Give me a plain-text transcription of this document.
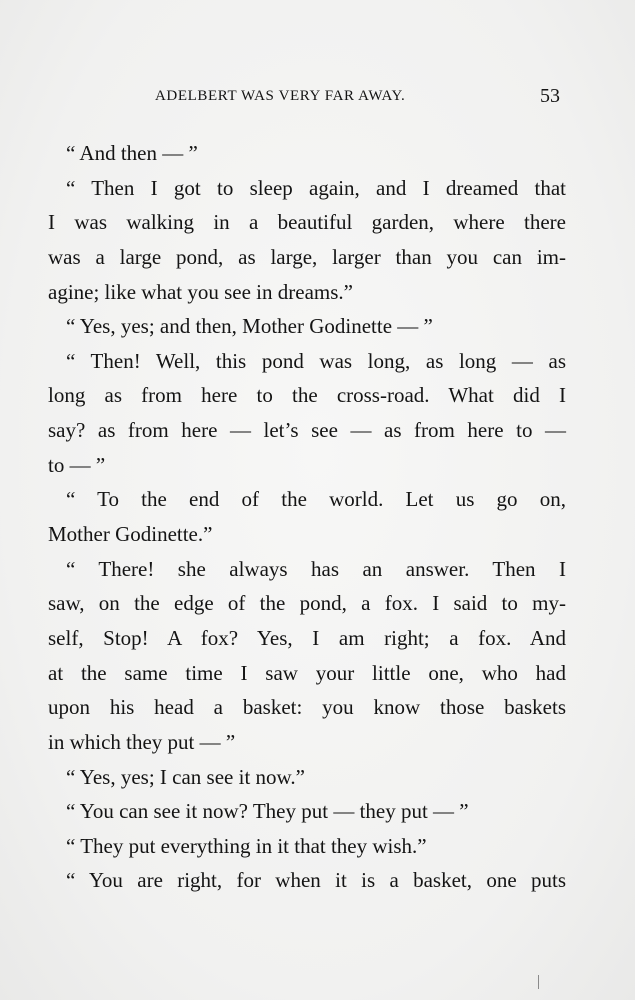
ADELBERT WAS VERY FAR AWAY.	53
“ And then — ”
“ Then I got to sleep again, and I dreamed that
I was walking in a beautiful garden, where there
was a large pond, as large, larger than you can im-
agine; like what you see in dreams.”
“ Yes, yes; and then, Mother Godinette — ”
“ Then! Well, this pond was long, as long — as
long as from here to the cross-road. What did I
say? as from here — let’s see — as from here to —
to — ”
“ To the end of the world. Let us go on,
Mother Godinette.”
“ There! she always has an answer. Then I
saw, on the edge of the pond, a fox. I said to my-
self, Stop! A fox? Yes, I am right; a fox. And
at the same time I saw your little one, who had
upon his head a basket: you know those baskets
in which they put — ”
“ Yes, yes; I can see it now.”
“ You can see it now? They put — they put — ”
“ They put everything in it that they wish.”
“ You are right, for when it is a basket, one puts
